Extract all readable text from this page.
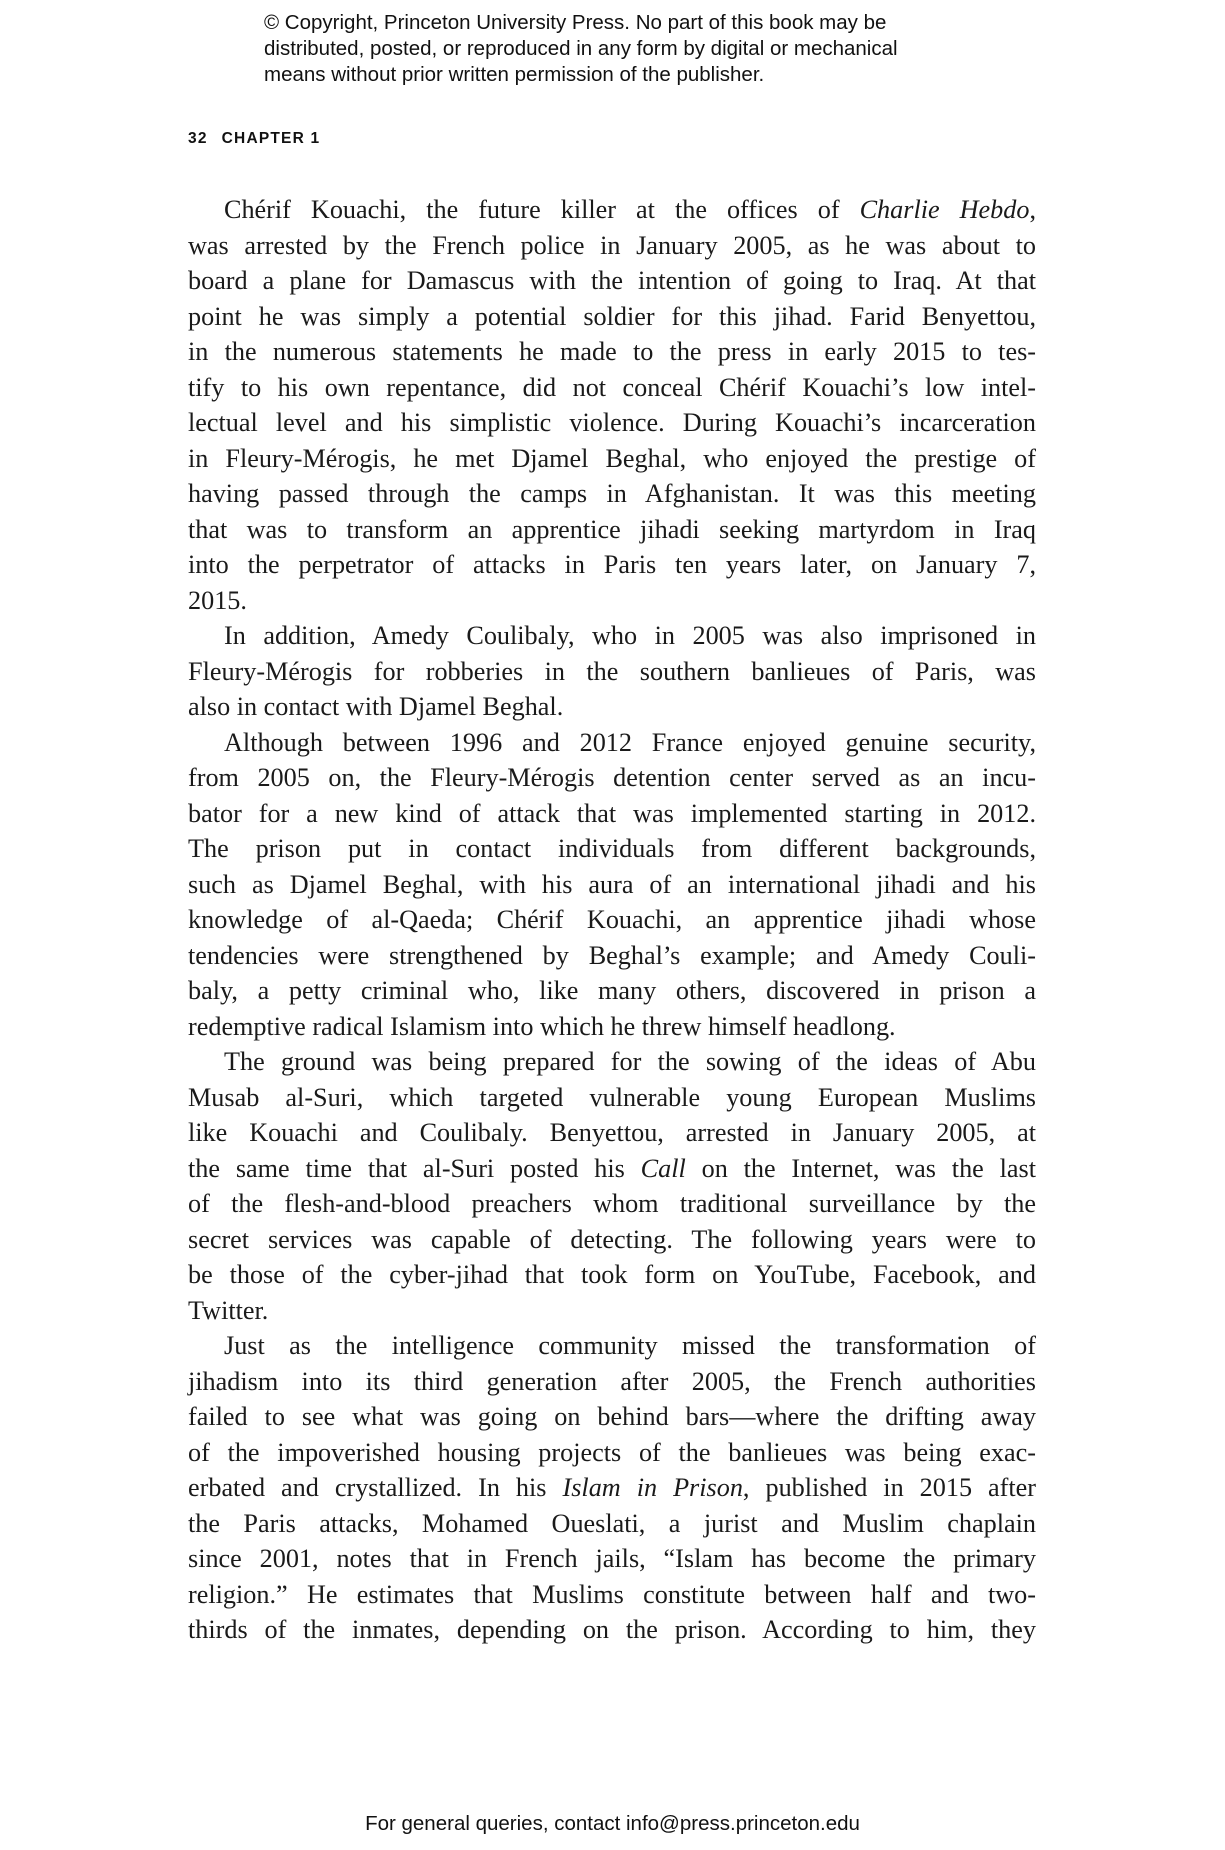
© Copyright, Princeton University Press. No part of this book may be
distributed, posted, or reproduced in any form by digital or mechanical
means without prior written permission of the publisher.
32 CHAPTER 1
Chérif Kouachi, the future killer at the offices of Charlie Hebdo,
was arrested by the French police in January 2005, as he was about to
board a plane for Damascus with the intention of going to Iraq. At that
point he was simply a potential soldier for this jihad. Farid Benyettou,
in the numerous statements he made to the press in early 2015 to tes-
tify to his own repentance, did not conceal Chérif Kouachi’s low intel-
lectual level and his simplistic violence. During Kouachi’s incarceration
in Fleury-Mérogis, he met Djamel Beghal, who enjoyed the prestige of
having passed through the camps in Afghanistan. It was this meeting
that was to transform an apprentice jihadi seeking martyrdom in Iraq
into the perpetrator of attacks in Paris ten years later, on January 7,
2015.
In addition, Amedy Coulibaly, who in 2005 was also imprisoned in
Fleury-Mérogis for robberies in the southern banlieues of Paris, was
also in contact with Djamel Beghal.
Although between 1996 and 2012 France enjoyed genuine security,
from 2005 on, the Fleury-Mérogis detention center served as an incu-
bator for a new kind of attack that was implemented starting in 2012.
The prison put in contact individuals from different backgrounds,
such as Djamel Beghal, with his aura of an international jihadi and his
knowledge of al-Qaeda; Chérif Kouachi, an apprentice jihadi whose
tendencies were strengthened by Beghal’s example; and Amedy Couli-
baly, a petty criminal who, like many others, discovered in prison a
redemptive radical Islamism into which he threw himself headlong.
The ground was being prepared for the sowing of the ideas of Abu
Musab al-Suri, which targeted vulnerable young European Muslims
like Kouachi and Coulibaly. Benyettou, arrested in January 2005, at
the same time that al-Suri posted his Call on the Internet, was the last
of the flesh-and-blood preachers whom traditional surveillance by the
secret services was capable of detecting. The following years were to
be those of the cyber-jihad that took form on YouTube, Facebook, and
Twitter.
Just as the intelligence community missed the transformation of
jihadism into its third generation after 2005, the French authorities
failed to see what was going on behind bars—where the drifting away
of the impoverished housing projects of the banlieues was being exac-
erbated and crystallized. In his Islam in Prison, published in 2015 after
the Paris attacks, Mohamed Oueslati, a jurist and Muslim chaplain
since 2001, notes that in French jails, “Islam has become the primary
religion.” He estimates that Muslims constitute between half and two-
thirds of the inmates, depending on the prison. According to him, they
For general queries, contact info@press.princeton.edu
